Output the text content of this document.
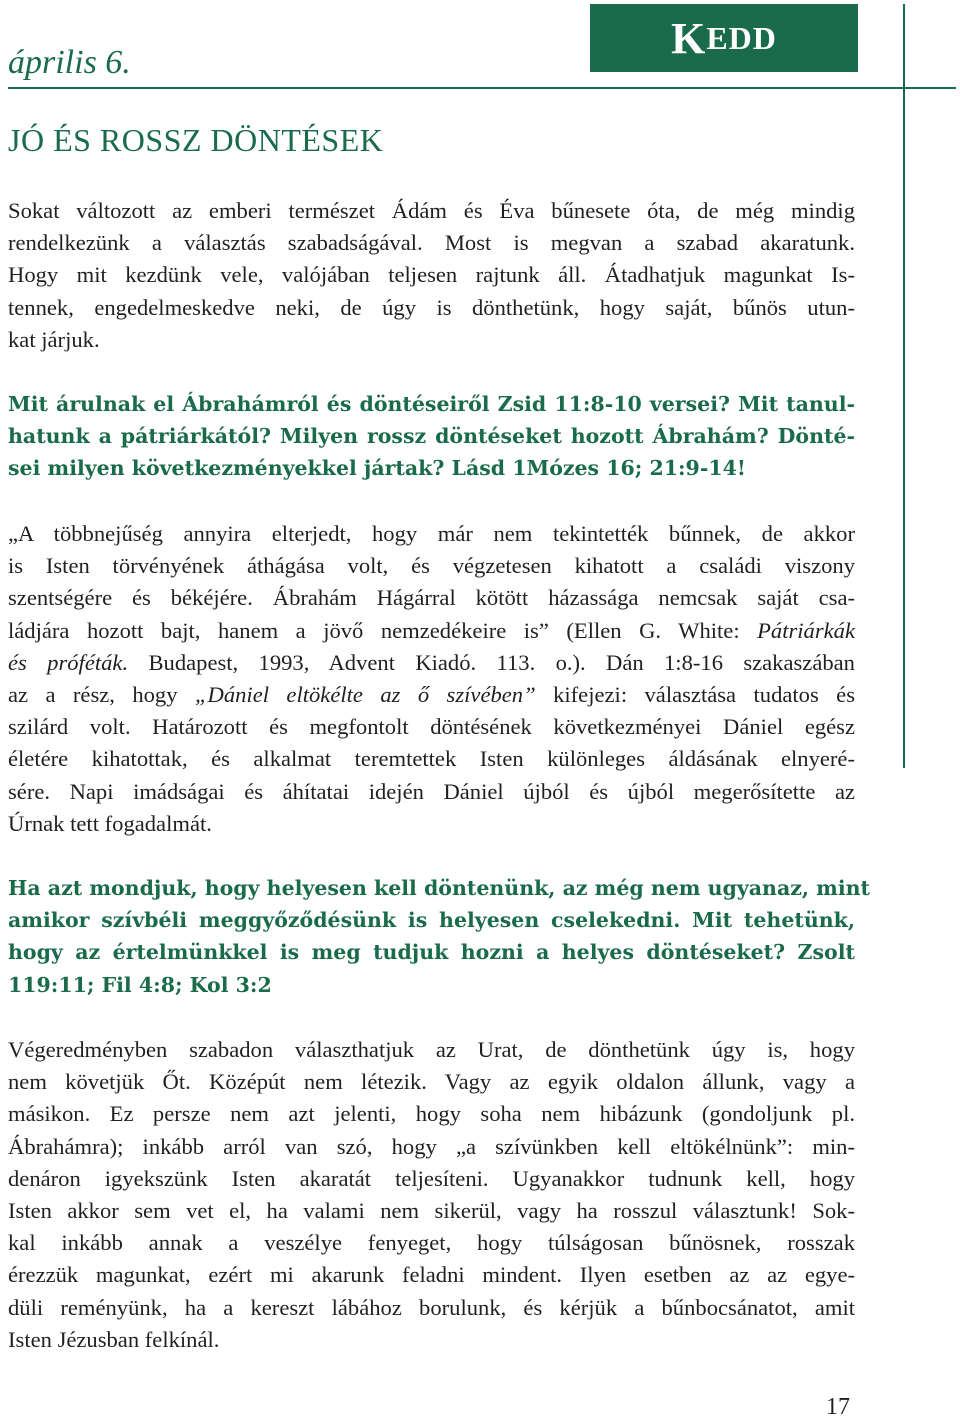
április 6.	K EDD
JÓ ÉS ROSSZ DÖNTÉSEK
Sokat változott az emberi természet Ádám és Éva bűnesete óta, de még mindig
rendelkezünk a választás szabadságával. Most is megvan a szabad akaratunk.
Hogy mit kezdünk vele, valójában teljesen rajtunk áll. Átadhatjuk magunkat Is-
tennek, engedelmeskedve neki, de úgy is dönthetünk, hogy saját, bűnös utun-
kat járjuk.
Mit árulnak el Ábrahámról és döntéseiről Zsid 11:8-10 versei? Mit tanul-
hatunk a pátriárkától? Milyen rossz döntéseket hozott Ábrahám? Dönté-
sei milyen következményekkel jártak? Lásd 1Mózes 16; 21:9-14!
„A többnejűség annyira elterjedt, hogy már nem tekintették bűnnek, de akkor
is Isten törvényének áthágása volt, és végzetesen kihatott a családi viszony
szentségére és békéjére. Ábrahám Hágárral kötött házassága nemcsak saját csa-
ládjára hozott bajt, hanem a jövő nemzedékeire is” (Ellen G. White: Pátriárkák
és próféták. Budapest, 1993, Advent Kiadó. 113. o.). Dán 1:8-16 szakaszában
az a rész, hogy „Dániel eltökélte az ő szívében” kifejezi: választása tudatos és
szilárd volt. Határozott és megfontolt döntésének következményei Dániel egész
életére kihatottak, és alkalmat teremtettek Isten különleges áldásának elnyeré-
sére. Napi imádságai és áhítatai idején Dániel újból és újból megerősítette az
Úrnak tett fogadalmát.
Ha azt mondjuk, hogy helyesen kell döntenünk, az még nem ugyanaz, mint
amikor szívbéli meggyőződésünk is helyesen cselekedni. Mit tehetünk,
hogy az értelmünkkel is meg tudjuk hozni a helyes döntéseket? Zsolt
119:11; Fil 4:8; Kol 3:2
Végeredményben szabadon választhatjuk az Urat, de dönthetünk úgy is, hogy
nem követjük Őt. Középút nem létezik. Vagy az egyik oldalon állunk, vagy a
másikon. Ez persze nem azt jelenti, hogy soha nem hibázunk (gondoljunk pl.
Ábrahámra); inkább arról van szó, hogy „a szívünkben kell eltökélnünk”: min-
denáron igyekszünk Isten akaratát teljesíteni. Ugyanakkor tudnunk kell, hogy
Isten akkor sem vet el, ha valami nem sikerül, vagy ha rosszul választunk! Sok-
kal inkább annak a veszélye fenyeget, hogy túlságosan bűnösnek, rosszak
érezzük magunkat, ezért mi akarunk feladni mindent. Ilyen esetben az az egye-
düli reményünk, ha a kereszt lábához borulunk, és kérjük a bűnbocsánatot, amit
Isten Jézusban felkínál.
17
